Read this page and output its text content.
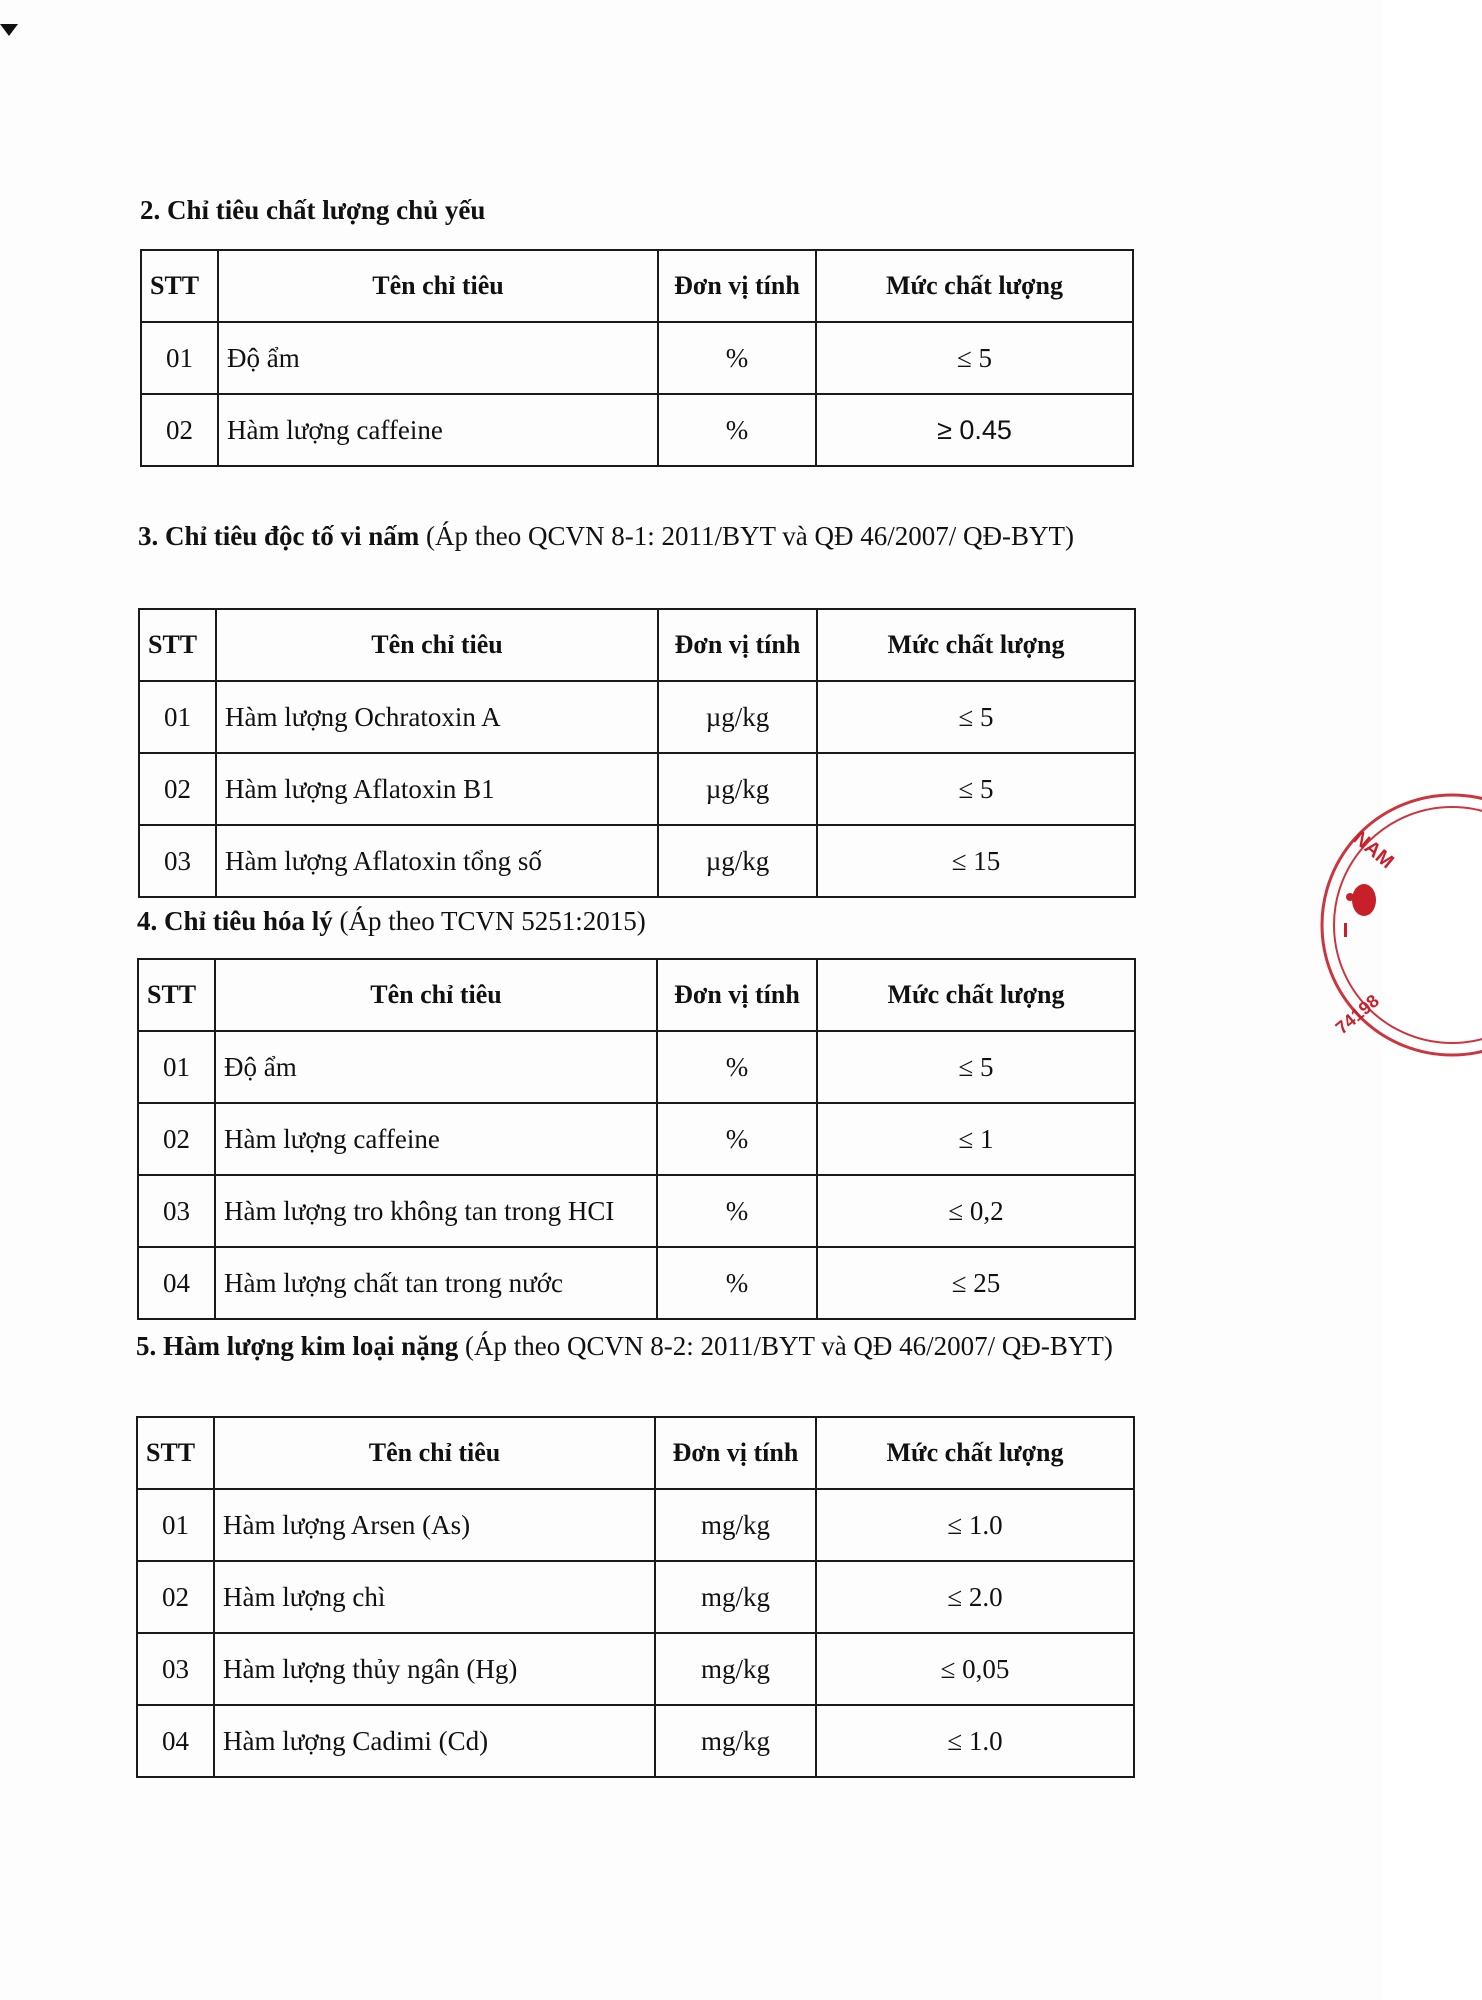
2. Chỉ tiêu chất lượng chủ yếu

STT	Tên chỉ tiêu	Đơn vị tính	Mức chất lượng
01	Độ ẩm	%	≤ 5
02	Hàm lượng caffeine	%	≥ 0.45

3. Chỉ tiêu độc tố vi nấm (Áp theo QCVN 8-1: 2011/BYT và QĐ 46/2007/ QĐ-BYT)

STT	Tên chỉ tiêu	Đơn vị tính	Mức chất lượng
01	Hàm lượng Ochratoxin A	µg/kg	≤ 5
02	Hàm lượng Aflatoxin B1	µg/kg	≤ 5
03	Hàm lượng Aflatoxin tổng số	µg/kg	≤ 15

4. Chỉ tiêu hóa lý (Áp theo TCVN 5251:2015)

STT	Tên chỉ tiêu	Đơn vị tính	Mức chất lượng
01	Độ ẩm	%	≤ 5
02	Hàm lượng caffeine	%	≤ 1
03	Hàm lượng tro không tan trong HCI	%	≤ 0,2
04	Hàm lượng chất tan trong nước	%	≤ 25

5. Hàm lượng kim loại nặng (Áp theo QCVN 8-2: 2011/BYT và QĐ 46/2007/ QĐ-BYT)

STT	Tên chỉ tiêu	Đơn vị tính	Mức chất lượng
01	Hàm lượng Arsen (As)	mg/kg	≤ 1.0
02	Hàm lượng chì	mg/kg	≤ 2.0
03	Hàm lượng thủy ngân (Hg)	mg/kg	≤ 0,05
04	Hàm lượng Cadimi (Cd)	mg/kg	≤ 1.0
NAM
74198
